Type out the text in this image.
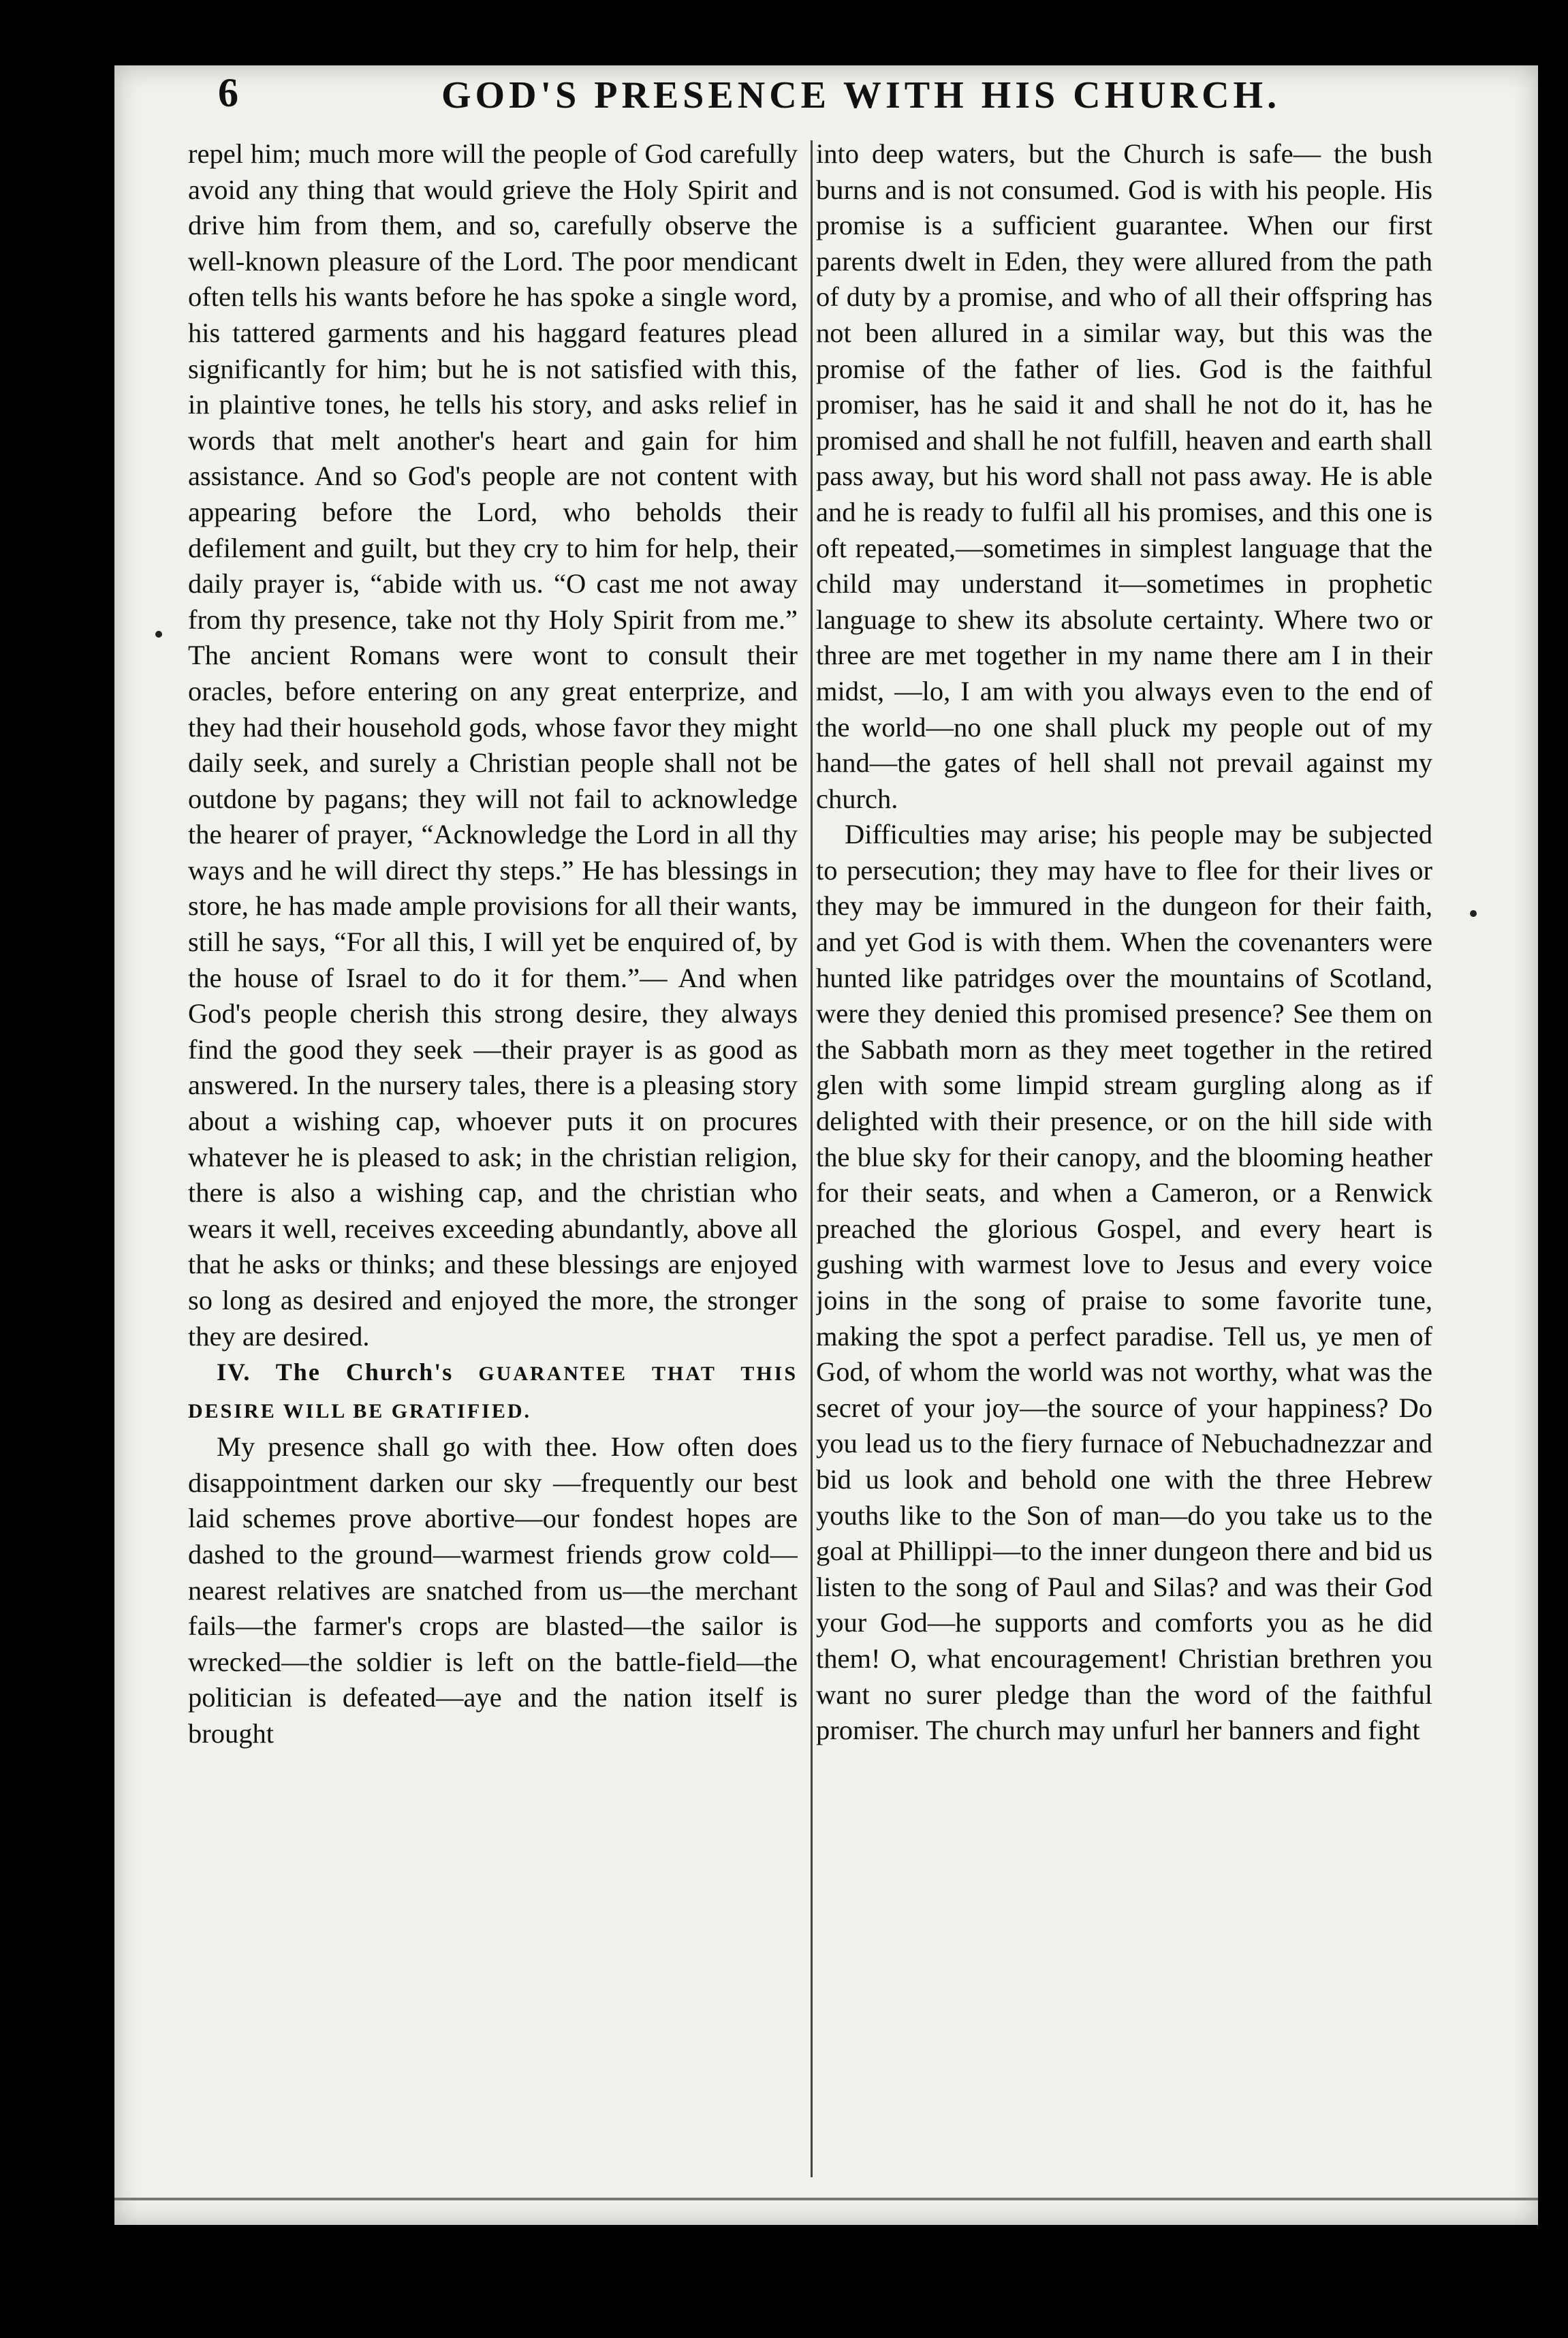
6	GOD'S PRESENCE WITH HIS CHURCH.

repel him; much more will the people of God carefully avoid any thing that would grieve the Holy Spirit and drive him from them, and so, carefully observe the well-known pleasure of the Lord. The poor mendicant often tells his wants before he has spoke a single word, his tattered garments and his haggard features plead significantly for him; but he is not satisfied with this, in plaintive tones, he tells his story, and asks relief in words that melt another's heart and gain for him assistance. And so God's people are not content with appearing before the Lord, who beholds their defilement and guilt, but they cry to him for help, their daily prayer is, “abide with us. “O cast me not away from thy presence, take not thy Holy Spirit from me.” The ancient Romans were wont to consult their oracles, before entering on any great enterprize, and they had their household gods, whose favor they might daily seek, and surely a Christian people shall not be outdone by pagans; they will not fail to acknowledge the hearer of prayer, “Acknowledge the Lord in all thy ways and he will direct thy steps.” He has blessings in store, he has made ample provisions for all their wants, still he says, “For all this, I will yet be enquired of, by the house of Israel to do it for them.”— And when God's people cherish this strong desire, they always find the good they seek —their prayer is as good as answered. In the nursery tales, there is a pleasing story about a wishing cap, whoever puts it on procures whatever he is pleased to ask; in the christian religion, there is also a wishing cap, and the christian who wears it well, receives exceeding abundantly, above all that he asks or thinks; and these blessings are enjoyed so long as desired and enjoyed the more, the stronger they are desired.

IV. The Church's GUARANTEE THAT THIS DESIRE WILL BE GRATIFIED.

My presence shall go with thee. How often does disappointment darken our sky —frequently our best laid schemes prove abortive—our fondest hopes are dashed to the ground—warmest friends grow cold—nearest relatives are snatched from us—the merchant fails—the farmer's crops are blasted—the sailor is wrecked—the soldier is left on the battle-field—the politician is defeated—aye and the nation itself is brought

into deep waters, but the Church is safe— the bush burns and is not consumed. God is with his people. His promise is a sufficient guarantee. When our first parents dwelt in Eden, they were allured from the path of duty by a promise, and who of all their offspring has not been allured in a similar way, but this was the promise of the father of lies. God is the faithful promiser, has he said it and shall he not do it, has he promised and shall he not fulfill, heaven and earth shall pass away, but his word shall not pass away. He is able and he is ready to fulfil all his promises, and this one is oft repeated,—sometimes in simplest language that the child may understand it—sometimes in prophetic language to shew its absolute certainty. Where two or three are met together in my name there am I in their midst, —lo, I am with you always even to the end of the world—no one shall pluck my people out of my hand—the gates of hell shall not prevail against my church.

Difficulties may arise; his people may be subjected to persecution; they may have to flee for their lives or they may be immured in the dungeon for their faith, and yet God is with them. When the covenanters were hunted like patridges over the mountains of Scotland, were they denied this promised presence? See them on the Sabbath morn as they meet together in the retired glen with some limpid stream gurgling along as if delighted with their presence, or on the hill side with the blue sky for their canopy, and the blooming heather for their seats, and when a Cameron, or a Renwick preached the glorious Gospel, and every heart is gushing with warmest love to Jesus and every voice joins in the song of praise to some favorite tune, making the spot a perfect paradise. Tell us, ye men of God, of whom the world was not worthy, what was the secret of your joy—the source of your happiness? Do you lead us to the fiery furnace of Nebuchadnezzar and bid us look and behold one with the three Hebrew youths like to the Son of man—do you take us to the goal at Phillippi—to the inner dungeon there and bid us listen to the song of Paul and Silas? and was their God your God—he supports and comforts you as he did them! O, what encouragement! Christian brethren you want no surer pledge than the word of the faithful promiser. The church may unfurl her banners and fight
